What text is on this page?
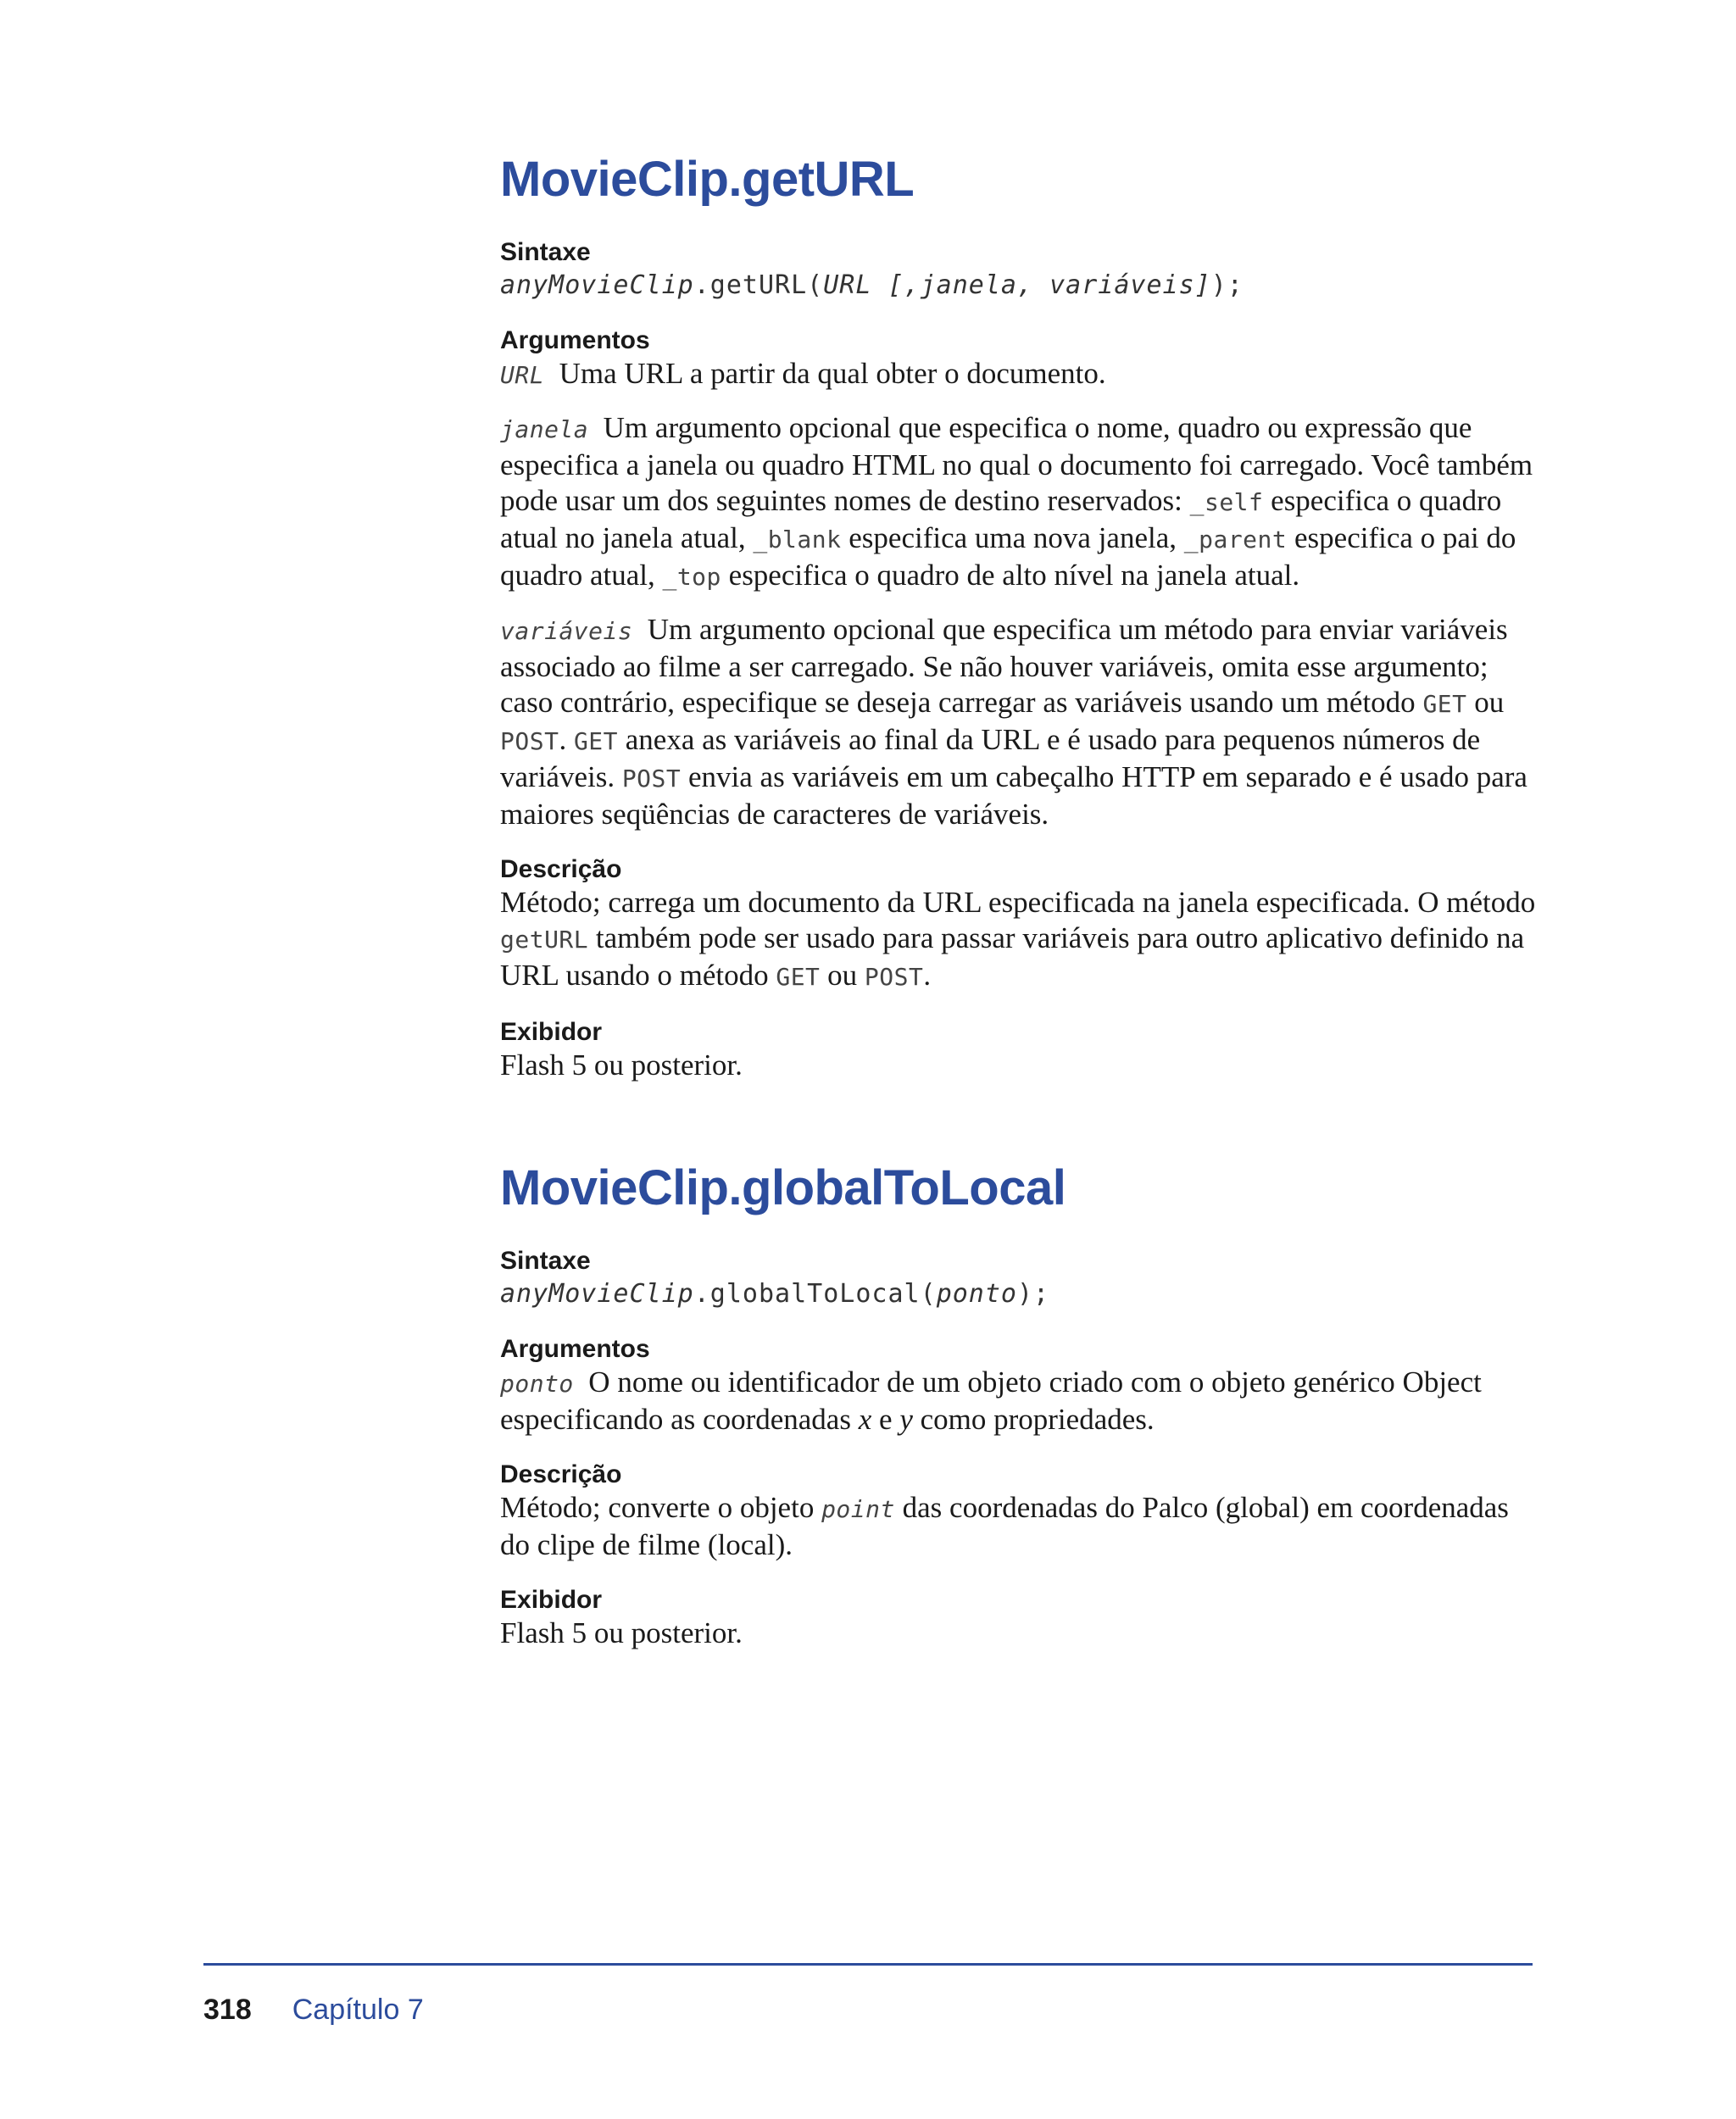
MovieClip.getURL
Sintaxe
anyMovieClip.getURL(URL [,janela, variáveis]);
Argumentos

URL Uma URL a partir da qual obter o documento.

janela Um argumento opcional que especifica o nome, quadro ou expressão que especifica a janela ou quadro HTML no qual o documento foi carregado. Você também pode usar um dos seguintes nomes de destino reservados: _self especifica o quadro atual no janela atual, _blank especifica uma nova janela, _parent especifica o pai do quadro atual, _top especifica o quadro de alto nível na janela atual.

variáveis Um argumento opcional que especifica um método para enviar variáveis associado ao filme a ser carregado. Se não houver variáveis, omita esse argumento; caso contrário, especifique se deseja carregar as variáveis usando um método GET ou POST. GET anexa as variáveis ao final da URL e é usado para pequenos números de variáveis. POST envia as variáveis em um cabeçalho HTTP em separado e é usado para maiores seqüências de caracteres de variáveis.

Descrição

Método; carrega um documento da URL especificada na janela especificada. O método getURL também pode ser usado para passar variáveis para outro aplicativo definido na URL usando o método GET ou POST.

Exibidor

Flash 5 ou posterior.

MovieClip.globalToLocal
Sintaxe
anyMovieClip.globalToLocal(ponto);
Argumentos

ponto O nome ou identificador de um objeto criado com o objeto genérico Object especificando as coordenadas x e y como propriedades.

Descrição

Método; converte o objeto point das coordenadas do Palco (global) em coordenadas do clipe de filme (local).

Exibidor

Flash 5 ou posterior.

318 Capítulo 7
